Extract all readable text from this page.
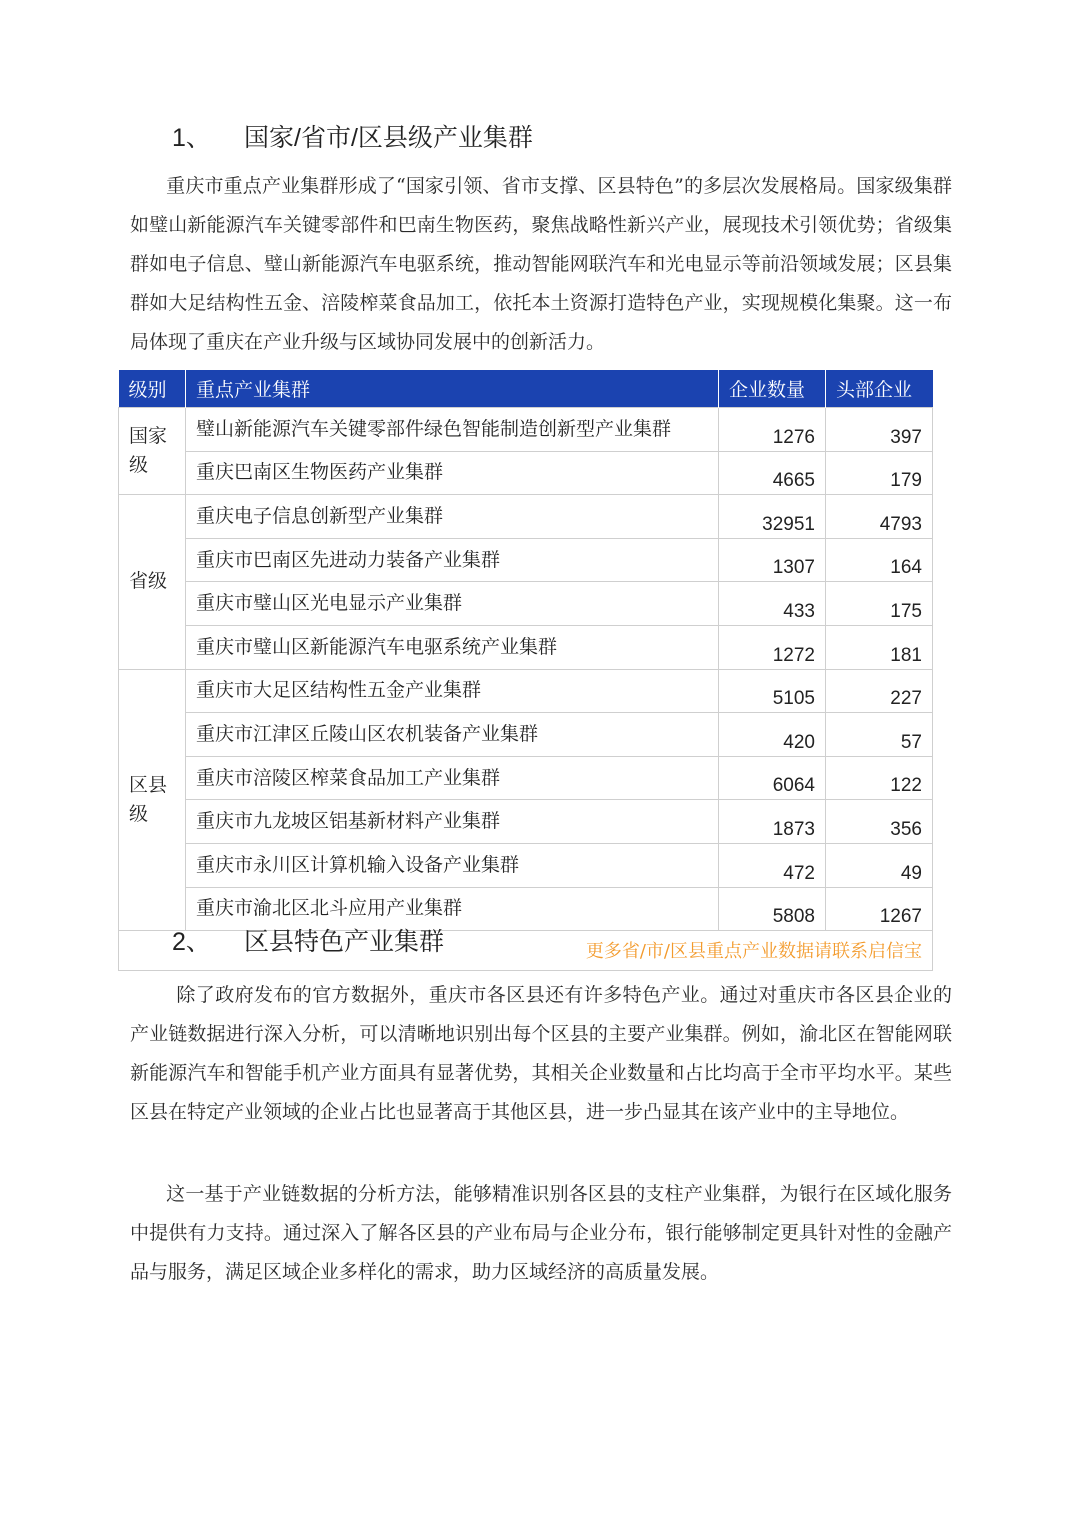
1、 国家/省市/区县级产业集群
重庆市重点产业集群形成了“国家引领、省市支撑、区县特色”的多层次发展格局。国家级集群如璧山新能源汽车关键零部件和巴南生物医药，聚焦战略性新兴产业，展现技术引领优势；省级集群如电子信息、璧山新能源汽车电驱系统，推动智能网联汽车和光电显示等前沿领域发展；区县集群如大足结构性五金、涪陵榨菜食品加工，依托本土资源打造特色产业，实现规模化集聚。这一布局体现了重庆在产业升级与区域协同发展中的创新活力。
级别	重点产业集群	企业数量	头部企业
国家级	璧山新能源汽车关键零部件绿色智能制造创新型产业集群	1276	397
	重庆巴南区生物医药产业集群	4665	179
省级	重庆电子信息创新型产业集群	32951	4793
	重庆市巴南区先进动力装备产业集群	1307	164
	重庆市璧山区光电显示产业集群	433	175
	重庆市璧山区新能源汽车电驱系统产业集群	1272	181
区县级	重庆市大足区结构性五金产业集群	5105	227
	重庆市江津区丘陵山区农机装备产业集群	420	57
	重庆市涪陵区榨菜食品加工产业集群	6064	122
	重庆市九龙坡区铝基新材料产业集群	1873	356
	重庆市永川区计算机输入设备产业集群	472	49
	重庆市渝北区北斗应用产业集群	5808	1267
更多省/市/区县重点产业数据请联系启信宝			
2、 区县特色产业集群
除了政府发布的官方数据外，重庆市各区县还有许多特色产业。通过对重庆市各区县企业的产业链数据进行深入分析，可以清晰地识别出每个区县的主要产业集群。例如，渝北区在智能网联新能源汽车和智能手机产业方面具有显著优势，其相关企业数量和占比均高于全市平均水平。某些区县在特定产业领域的企业占比也显著高于其他区县，进一步凸显其在该产业中的主导地位。
这一基于产业链数据的分析方法，能够精准识别各区县的支柱产业集群，为银行在区域化服务中提供有力支持。通过深入了解各区县的产业布局与企业分布，银行能够制定更具针对性的金融产品与服务，满足区域企业多样化的需求，助力区域经济的高质量发展。
